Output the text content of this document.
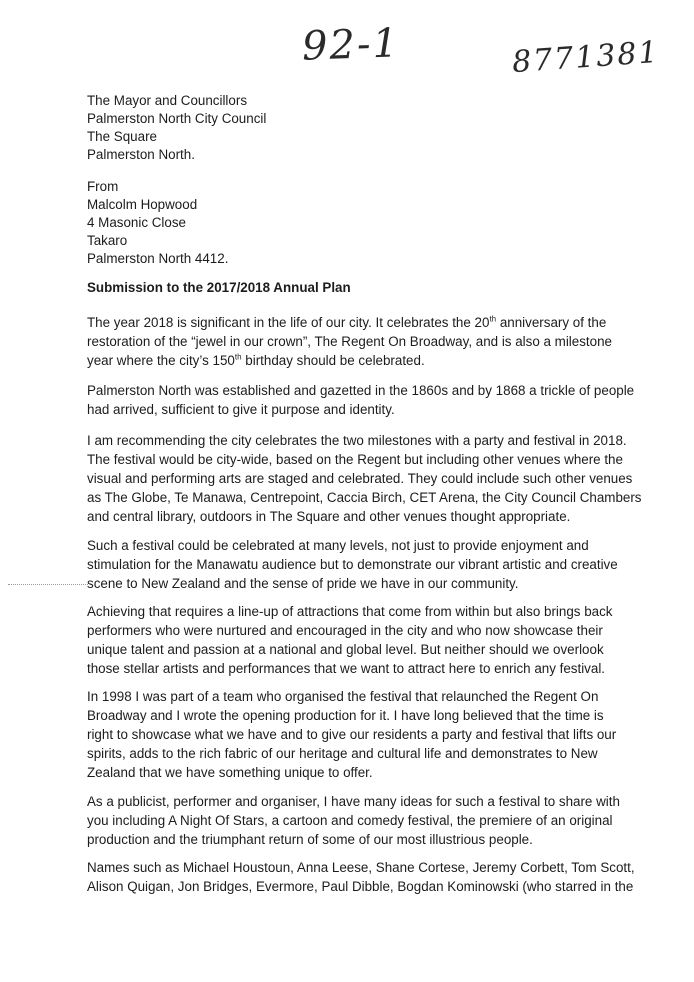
92-1	8771381
The Mayor and Councillors
Palmerston North City Council
The Square
Palmerston North.
From
Malcolm Hopwood
4 Masonic Close
Takaro
Palmerston North 4412.
Submission to the 2017/2018 Annual Plan

The year 2018 is significant in the life of our city. It celebrates the 20th anniversary of the
restoration of the “jewel in our crown”, The Regent On Broadway, and is also a milestone
year where the city’s 150th birthday should be celebrated.

Palmerston North was established and gazetted in the 1860s and by 1868 a trickle of people
had arrived, sufficient to give it purpose and identity.

I am recommending the city celebrates the two milestones with a party and festival in 2018.
The festival would be city-wide, based on the Regent but including other venues where the
visual and performing arts are staged and celebrated. They could include such other venues
as The Globe, Te Manawa, Centrepoint, Caccia Birch, CET Arena, the City Council Chambers
and central library, outdoors in The Square and other venues thought appropriate.

Such a festival could be celebrated at many levels, not just to provide enjoyment and
stimulation for the Manawatu audience but to demonstrate our vibrant artistic and creative
scene to New Zealand and the sense of pride we have in our community.

Achieving that requires a line-up of attractions that come from within but also brings back
performers who were nurtured and encouraged in the city and who now showcase their
unique talent and passion at a national and global level. But neither should we overlook
those stellar artists and performances that we want to attract here to enrich any festival.

In 1998 I was part of a team who organised the festival that relaunched the Regent On
Broadway and I wrote the opening production for it. I have long believed that the time is
right to showcase what we have and to give our residents a party and festival that lifts our
spirits, adds to the rich fabric of our heritage and cultural life and demonstrates to New
Zealand that we have something unique to offer.

As a publicist, performer and organiser, I have many ideas for such a festival to share with
you including A Night Of Stars, a cartoon and comedy festival, the premiere of an original
production and the triumphant return of some of our most illustrious people.

Names such as Michael Houstoun, Anna Leese, Shane Cortese, Jeremy Corbett, Tom Scott,
Alison Quigan, Jon Bridges, Evermore, Paul Dibble, Bogdan Kominowski (who starred in the
